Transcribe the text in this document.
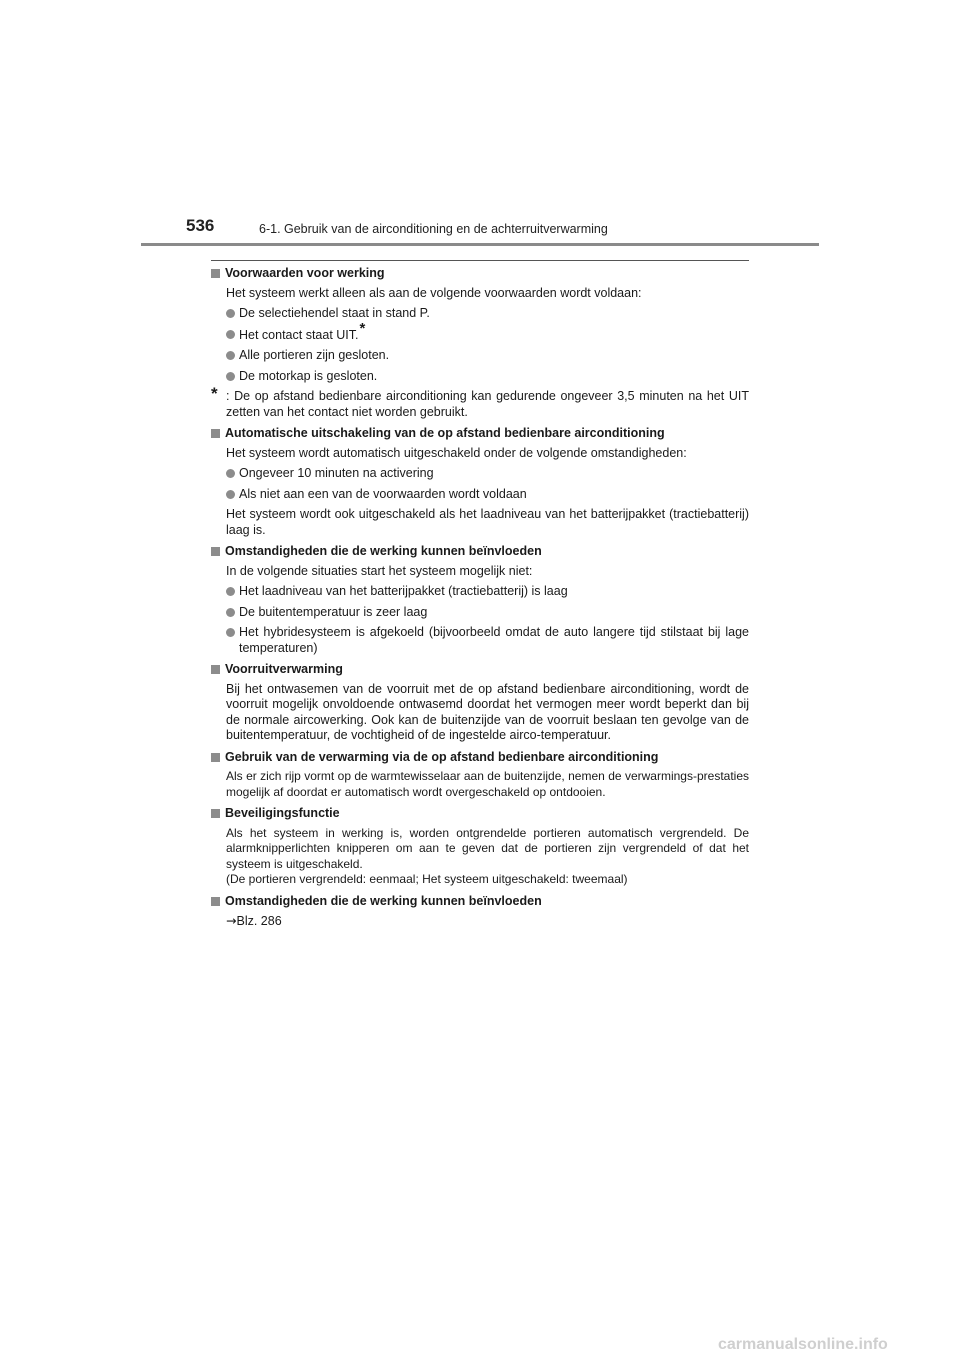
536	6-1. Gebruik van de airconditioning en de achterruitverwarming
Voorwaarden voor werking
Het systeem werkt alleen als aan de volgende voorwaarden wordt voldaan:
De selectiehendel staat in stand P.
Het contact staat UIT.*
Alle portieren zijn gesloten.
De motorkap is gesloten.
* : De op afstand bedienbare airconditioning kan gedurende ongeveer 3,5 minuten na het UIT zetten van het contact niet worden gebruikt.
Automatische uitschakeling van de op afstand bedienbare airconditioning
Het systeem wordt automatisch uitgeschakeld onder de volgende omstandigheden:
Ongeveer 10 minuten na activering
Als niet aan een van de voorwaarden wordt voldaan
Het systeem wordt ook uitgeschakeld als het laadniveau van het batterijpakket (tractiebatterij) laag is.
Omstandigheden die de werking kunnen beïnvloeden
In de volgende situaties start het systeem mogelijk niet:
Het laadniveau van het batterijpakket (tractiebatterij) is laag
De buitentemperatuur is zeer laag
Het hybridesysteem is afgekoeld (bijvoorbeeld omdat de auto langere tijd stilstaat bij lage temperaturen)
Voorruitverwarming
Bij het ontwasemen van de voorruit met de op afstand bedienbare airconditioning, wordt de voorruit mogelijk onvoldoende ontwasemd doordat het vermogen meer wordt beperkt dan bij de normale aircowerking. Ook kan de buitenzijde van de voorruit beslaan ten gevolge van de buitentemperatuur, de vochtigheid of de ingestelde airco-temperatuur.
Gebruik van de verwarming via de op afstand bedienbare airconditioning
Als er zich rijp vormt op de warmtewisselaar aan de buitenzijde, nemen de verwarmings-prestaties mogelijk af doordat er automatisch wordt overgeschakeld op ontdooien.
Beveiligingsfunctie
Als het systeem in werking is, worden ontgrendelde portieren automatisch vergrendeld. De alarmknipperlichten knipperen om aan te geven dat de portieren zijn vergrendeld of dat het systeem is uitgeschakeld.
(De portieren vergrendeld: eenmaal; Het systeem uitgeschakeld: tweemaal)
Omstandigheden die de werking kunnen beïnvloeden
→Blz. 286
carmanualsonline.info
